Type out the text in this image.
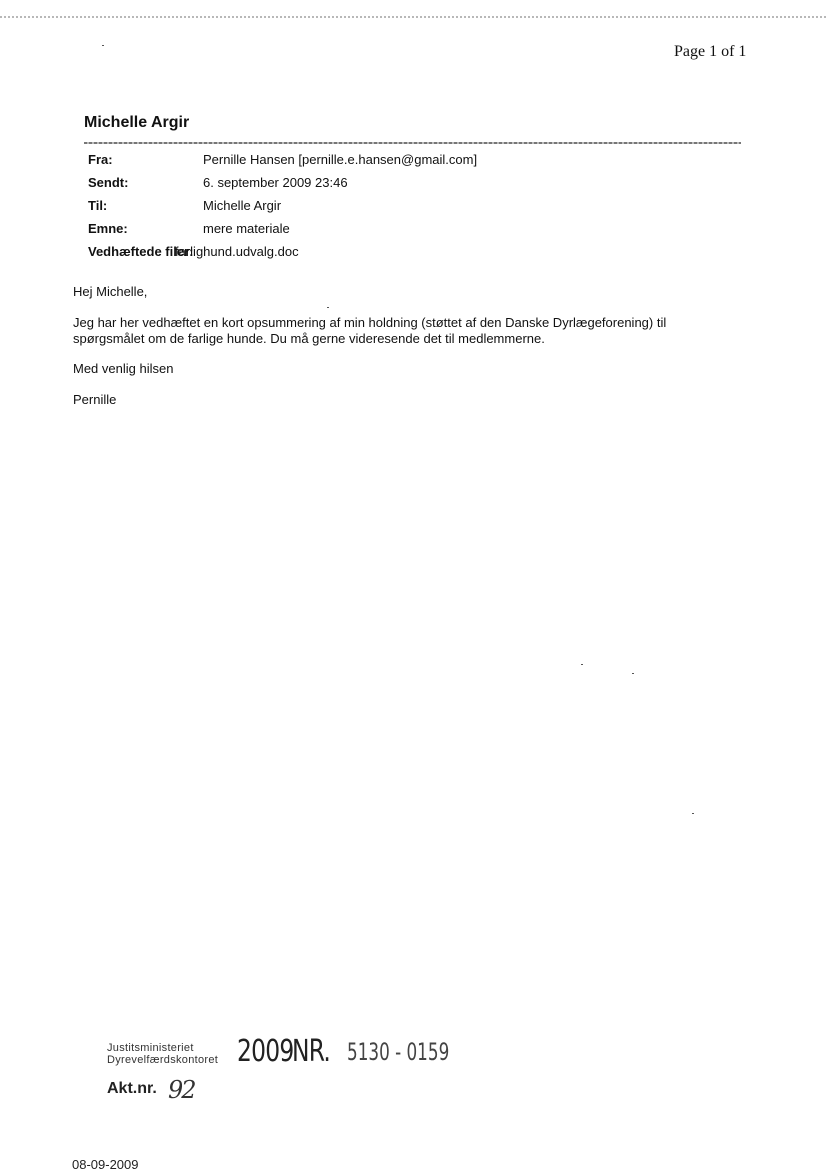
Page 1 of 1
Michelle Argir
Fra:	Pernille Hansen [pernille.e.hansen@gmail.com]
Sendt:	6. september 2009 23:46
Til:	Michelle Argir
Emne:	mere materiale
Vedhæftede filer:
farlighund.udvalg.doc
Hej Michelle,
Jeg har her vedhæftet en kort opsummering af min holdning (støttet af den Danske Dyrlægeforening) til
spørgsmålet om de farlige hunde. Du må gerne videresende det til medlemmerne.
Med venlig hilsen
Pernille
Justitsministeriet
Dyrevelfærdskontoret 2009
NR. 5130 - 0159
Akt.nr. 92
08-09-2009
